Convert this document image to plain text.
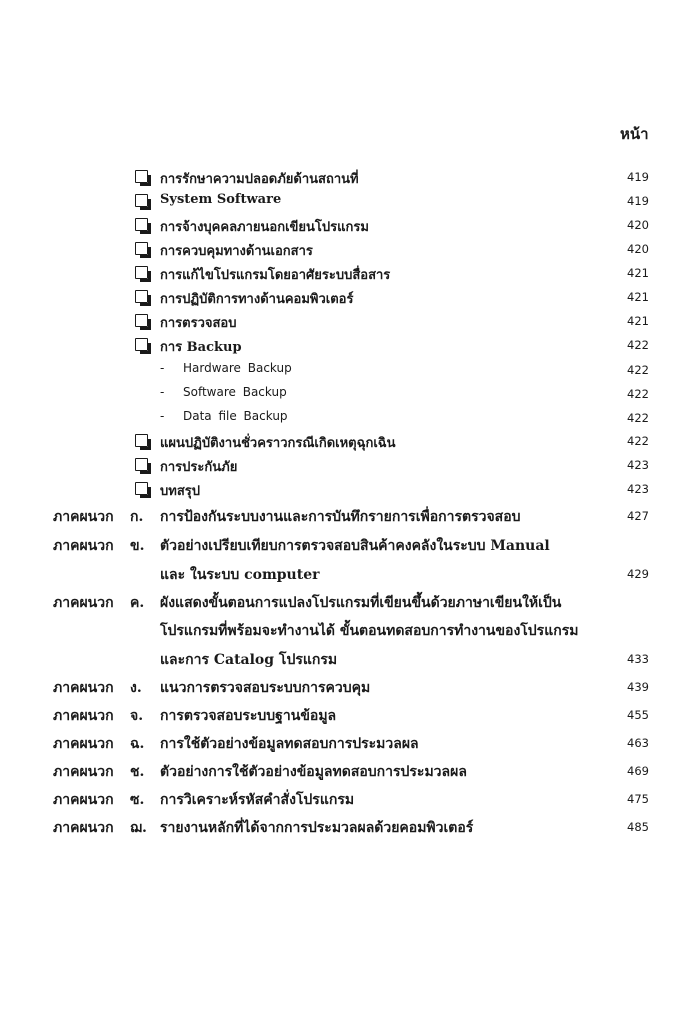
หน้า
การรักษาความปลอดภัยด้านสถานที่	419
System Software	419
การจ้างบุคคลภายนอกเขียนโปรแกรม	420
การควบคุมทางด้านเอกสาร	420
การแก้ไขโปรแกรมโดยอาศัยระบบสื่อสาร	421
การปฏิบัติการทางด้านคอมพิวเตอร์	421
การตรวจสอบ	421
การ Backup	422
- Hardware Backup	422
- Software Backup	422
- Data file Backup	422
แผนปฏิบัติงานชั่วคราวกรณีเกิดเหตุฉุกเฉิน	422
การประกันภัย	423
บทสรุป	423
ภาคผนวก ก. การป้องกันระบบงานและการบันทึกรายการเพื่อการตรวจสอบ	427
ภาคผนวก ข. ตัวอย่างเปรียบเทียบการตรวจสอบสินค้าคงคลังในระบบ Manual
และ ในระบบ computer	429
ภาคผนวก ค. ผังแสดงขั้นตอนการแปลงโปรแกรมที่เขียนขึ้นด้วยภาษาเขียนให้เป็น
โปรแกรมที่พร้อมจะทำงานได้ ขั้นตอนทดสอบการทำงานของโปรแกรม
และการ Catalog โปรแกรม	433
ภาคผนวก ง. แนวการตรวจสอบระบบการควบคุม	439
ภาคผนวก จ. การตรวจสอบระบบฐานข้อมูล	455
ภาคผนวก ฉ. การใช้ตัวอย่างข้อมูลทดสอบการประมวลผล	463
ภาคผนวก ช. ตัวอย่างการใช้ตัวอย่างข้อมูลทดสอบการประมวลผล	469
ภาคผนวก ซ. การวิเคราะห์รหัสคำสั่งโปรแกรม	475
ภาคผนวก ฌ. รายงานหลักที่ได้จากการประมวลผลด้วยคอมพิวเตอร์	485
